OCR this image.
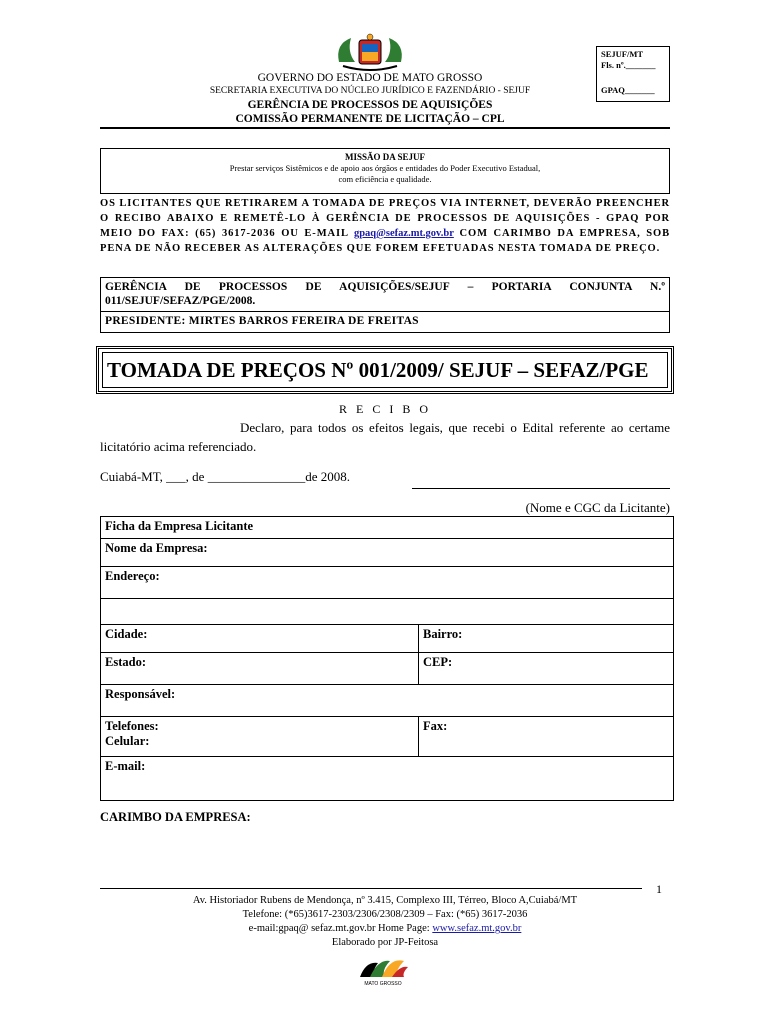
GOVERNO DO ESTADO DE MATO GROSSO
SECRETARIA EXECUTIVA DO NÚCLEO JURÍDICO E FAZENDÁRIO - SEJUF
GERÊNCIA DE PROCESSOS DE AQUISIÇÕES
COMISSÃO PERMANENTE DE LICITAÇÃO – CPL
SEJUF/MT
Fls. nº._______
GPAQ_______
MISSÃO DA SEJUF
Prestar serviços Sistêmicos e de apoio aos órgãos e entidades do Poder Executivo Estadual,
com eficiência e qualidade.
OS LICITANTES QUE RETIRAREM A TOMADA DE PREÇOS VIA INTERNET, DEVERÃO PREENCHER O RECIBO ABAIXO E REMETÊ-LO À GERÊNCIA DE PROCESSOS DE AQUISIÇÕES - GPAQ POR MEIO DO FAX: (65) 3617-2036 OU E-MAIL gpaq@sefaz.mt.gov.br COM CARIMBO DA EMPRESA, SOB PENA DE NÃO RECEBER AS ALTERAÇÕES QUE FOREM EFETUADAS NESTA TOMADA DE PREÇO.
GERÊNCIA DE PROCESSOS DE AQUISIÇÕES/SEJUF – PORTARIA CONJUNTA N.º 011/SEJUF/SEFAZ/PGE/2008.
PRESIDENTE: MIRTES BARROS FEREIRA DE FREITAS
TOMADA DE PREÇOS Nº 001/2009/ SEJUF – SEFAZ/PGE
R E C I B O
Declaro, para todos os efeitos legais, que recebi o Edital referente ao certame licitatório acima referenciado.
Cuiabá-MT, ___, de _______________de 2008.
(Nome e CGC da Licitante)
Ficha da Empresa Licitante	
Nome da Empresa:	
Endereço:	

Cidade:	Bairro:
Estado:	CEP:
Responsável:	

Telefones:
Celular:	Fax:
E-mail:	
CARIMBO DA EMPRESA:
1
Av. Historiador Rubens de Mendonça, nº 3.415, Complexo III, Térreo, Bloco A,Cuiabá/MT
Telefone: (*65)3617-2303/2306/2308/2309 – Fax: (*65) 3617-2036
e-mail:gpaq@ sefaz.mt.gov.br Home Page: www.sefaz.mt.gov.br
Elaborado por JP-Feitosa
MATO GROSSO
